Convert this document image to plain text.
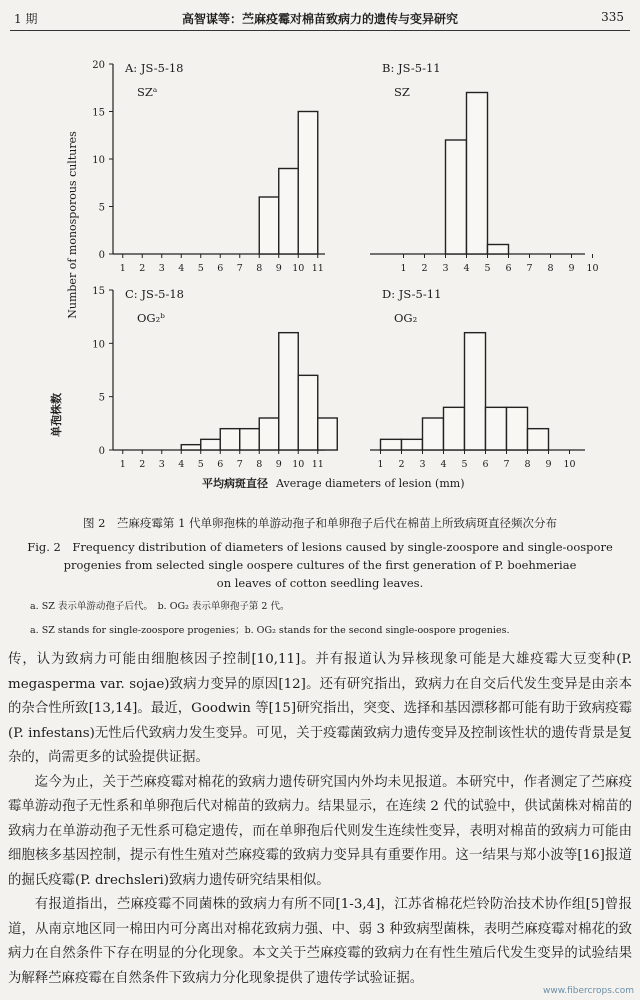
1 期	高智谋等：苎麻疫霉对棉苗致病力的遗传与变异研究	335
0
5
10
15
20
1 2 3 4 5 6 7 8 9 10 11
A: JS-5-18
SZᵃ
1 2 3 4 5 6 7 8 9 10
B: JS-5-11
SZ
0
5
10
15
1 2 3 4 5 6 7 8 9 10 11
C: JS-5-18
OG₂ᵇ
1 2 3 4 5 6 7 8 9 10
D: JS-5-11
OG₂
Number of monosporous cultures
单孢株数
平均病斑直径 Average diameters of lesion (mm)
图 2　苎麻疫霉第 1 代单卵孢株的单游动孢子和单卵孢子后代在棉苗上所致病斑直径频次分布
Fig. 2　Frequency distribution of diameters of lesions caused by single-zoospore and single-oospore
progenies from selected single oospere cultures of the first generation of P. boehmeriae
on leaves of cotton seedling leaves.
a. SZ 表示单游动孢子后代。　b. OG₂ 表示单卵孢子第 2 代。
a. SZ stands for single-zoospore progenies；b. OG₂ stands for the second single-oospore progenies.

传，认为致病力可能由细胞核因子控制[10,11]。并有报道认为异核现象可能是大雄疫霉大豆变种(P. megasperma var. sojae)致病力变异的原因[12]。还有研究指出，致病力在自交后代发生变异是由亲本的杂合性所致[13,14]。最近，Goodwin 等[15]研究指出，突变、选择和基因漂移都可能有助于致病疫霉(P. infestans)无性后代致病力发生变异。可见，关于疫霉菌致病力遗传变异及控制该性状的遗传背景是复杂的，尚需更多的试验提供证据。

迄今为止，关于苎麻疫霉对棉花的致病力遗传研究国内外均未见报道。本研究中，作者测定了苎麻疫霉单游动孢子无性系和单卵孢后代对棉苗的致病力。结果显示，在连续 2 代的试验中，供试菌株对棉苗的致病力在单游动孢子无性系可稳定遗传，而在单卵孢后代则发生连续性变异，表明对棉苗的致病力可能由细胞核多基因控制，提示有性生殖对苎麻疫霉的致病力变异具有重要作用。这一结果与郑小波等[16]报道的掘氏疫霉(P. drechsleri)致病力遗传研究结果相似。

有报道指出，苎麻疫霉不同菌株的致病力有所不同[1-3,4]，江苏省棉花烂铃防治技术协作组[5]曾报道，从南京地区同一棉田内可分离出对棉花致病力强、中、弱 3 种致病型菌株，表明苎麻疫霉对棉花的致病力在自然条件下存在明显的分化现象。本文关于苎麻疫霉的致病力在有性生殖后代发生变异的试验结果为解释苎麻疫霉在自然条件下致病力分化现象提供了遗传学试验证据。

www.fibercrops.com
